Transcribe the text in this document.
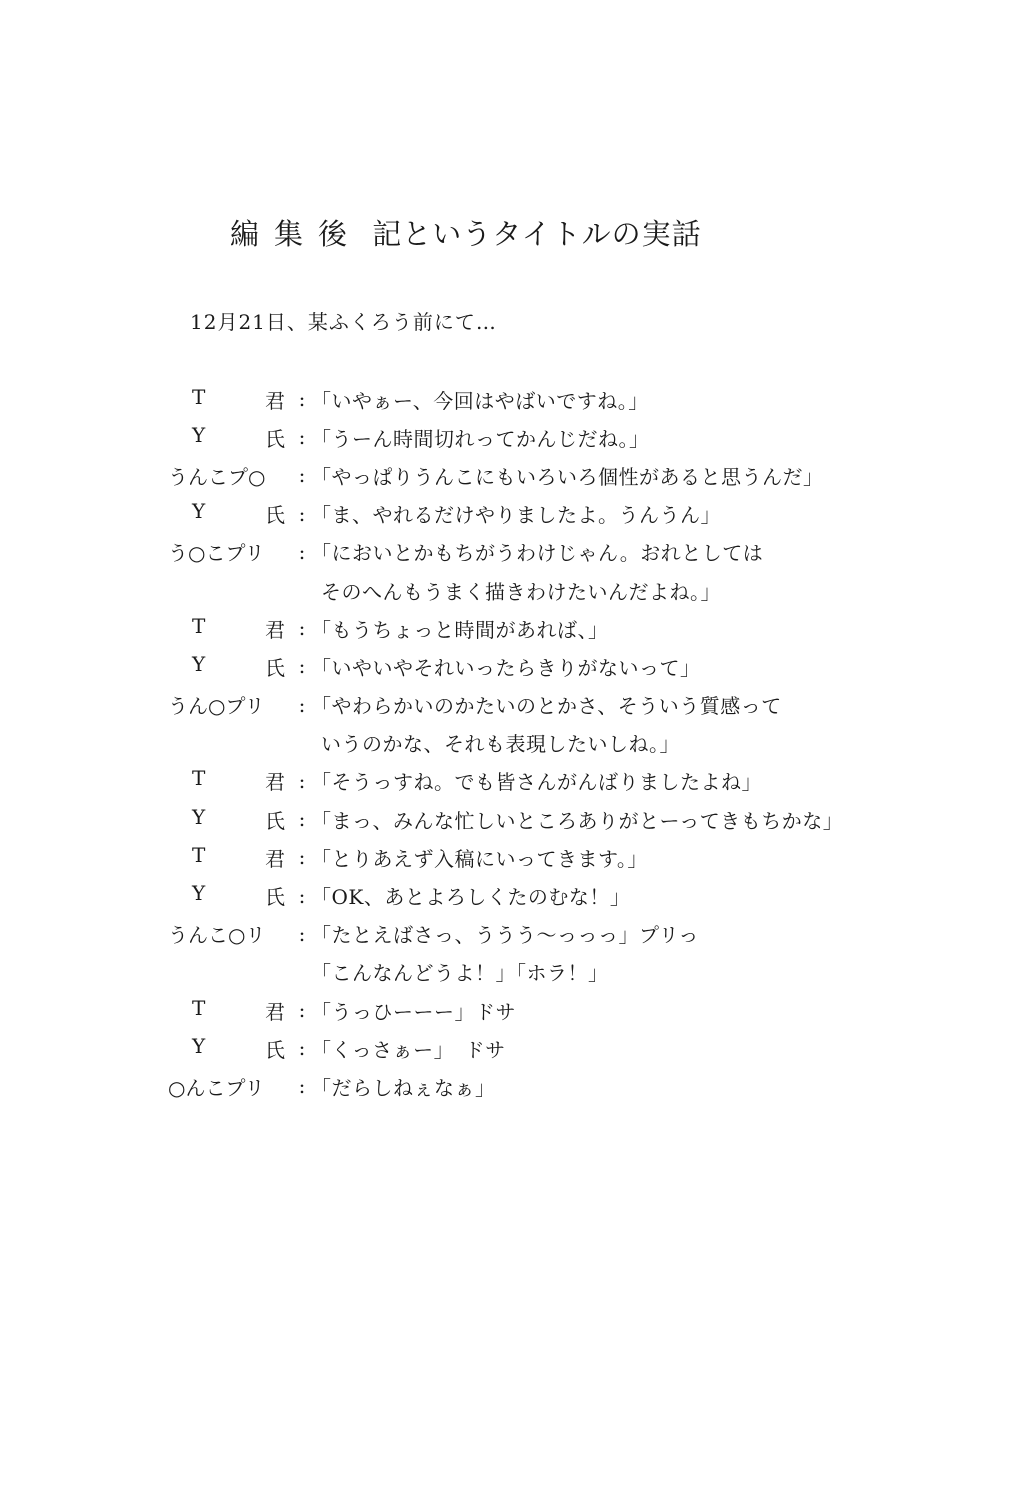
編集後 記というタイトルの実話
12月21日、某ふくろう前にて…
T	君 : 「いやぁー、今回はやばいですね。」
Y	氏 : 「うーん時間切れってかんじだね。」
うんこプ○	: 「やっぱりうんこにもいろいろ個性があると思うんだ」
Y	氏 : 「ま、やれるだけやりましたよ。うんうん」
う○こプリ	: 「においとかもちがうわけじゃん。おれとしては
そのへんもうまく描きわけたいんだよね。」
T	君 : 「もうちょっと時間があれば、」
Y	氏 : 「いやいやそれいったらきりがないって」
うん○プリ	: 「やわらかいのかたいのとかさ、そういう質感って
いうのかな、それも表現したいしね。」
T	君 : 「そうっすね。でも皆さんがんばりましたよね」
Y	氏 : 「まっ、みんな忙しいところありがとーってきもちかな」
T	君 : 「とりあえず入稿にいってきます。」
Y	氏 : 「OK、あとよろしくたのむな！」
うんこ○リ	: 「たとえばさっ、ううう〜っっっ」プリっ
「こんなんどうよ！」「ホラ！」
T	君 : 「うっひーーー」ドサ
Y	氏 : 「くっさぁー」　ドサ
○んこプリ	: 「だらしねぇなぁ」
